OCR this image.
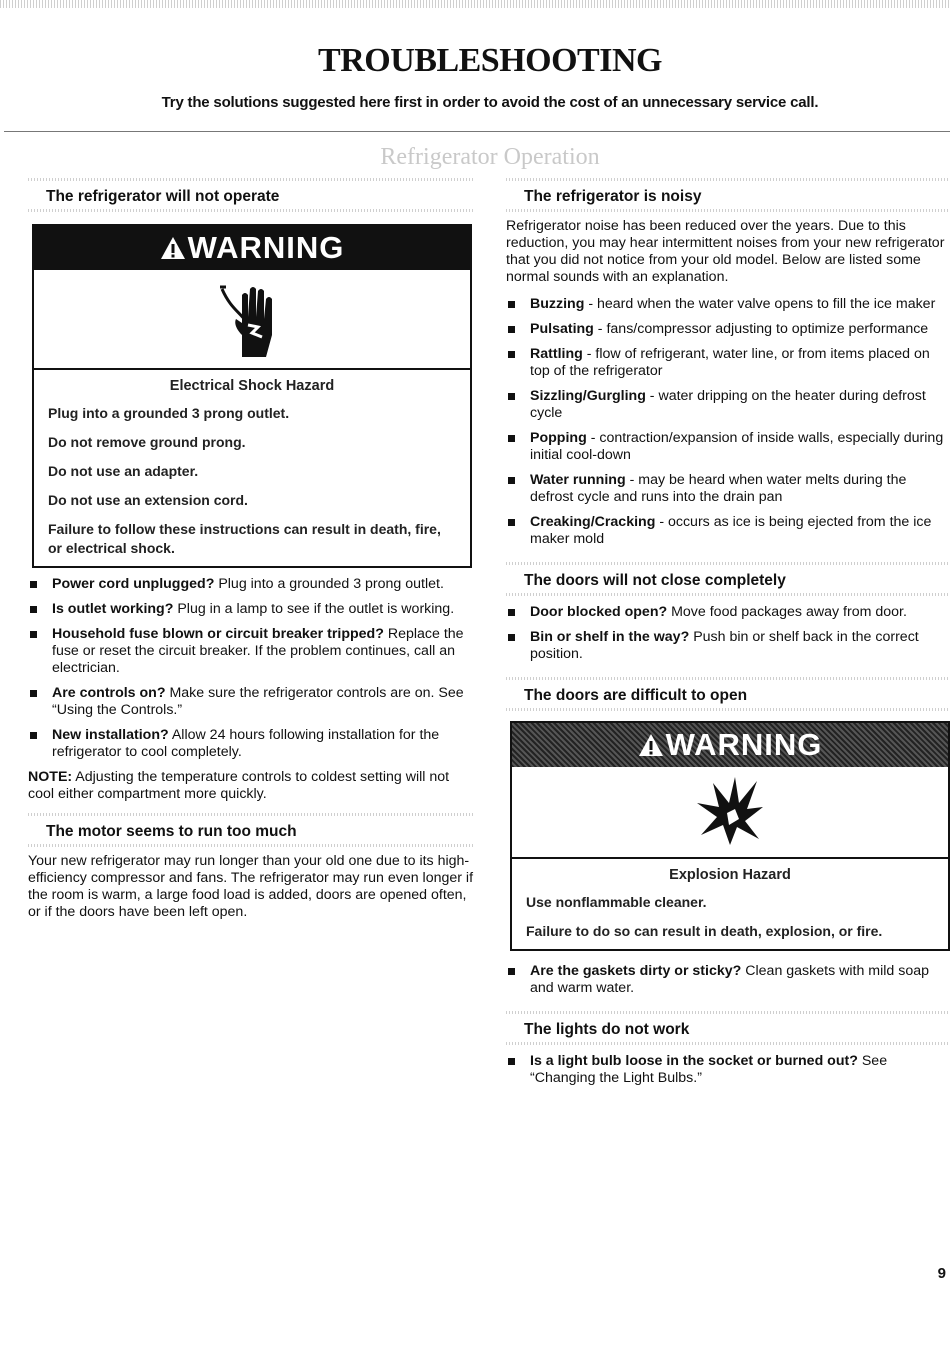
TROUBLESHOOTING
Try the solutions suggested here first in order to avoid the cost of an unnecessary service call.
Refrigerator Operation
The refrigerator will not operate
WARNING
Electrical Shock Hazard

Plug into a grounded 3 prong outlet.

Do not remove ground prong.

Do not use an adapter.

Do not use an extension cord.

Failure to follow these instructions can result in death, fire, or electrical shock.

Power cord unplugged? Plug into a grounded 3 prong outlet.
Is outlet working? Plug in a lamp to see if the outlet is working.
Household fuse blown or circuit breaker tripped? Replace the fuse or reset the circuit breaker. If the problem continues, call an electrician.
Are controls on? Make sure the refrigerator controls are on. See “Using the Controls.”
New installation? Allow 24 hours following installation for the refrigerator to cool completely.
NOTE: Adjusting the temperature controls to coldest setting will not cool either compartment more quickly.
The motor seems to run too much
Your new refrigerator may run longer than your old one due to its high-efficiency compressor and fans. The refrigerator may run even longer if the room is warm, a large food load is added, doors are opened often, or if the doors have been left open.
The refrigerator is noisy
Refrigerator noise has been reduced over the years. Due to this reduction, you may hear intermittent noises from your new refrigerator that you did not notice from your old model. Below are listed some normal sounds with an explanation.
Buzzing - heard when the water valve opens to fill the ice maker
Pulsating - fans/compressor adjusting to optimize performance
Rattling - flow of refrigerant, water line, or from items placed on top of the refrigerator
Sizzling/Gurgling - water dripping on the heater during defrost cycle
Popping - contraction/expansion of inside walls, especially during initial cool-down
Water running - may be heard when water melts during the defrost cycle and runs into the drain pan
Creaking/Cracking - occurs as ice is being ejected from the ice maker mold
The doors will not close completely
Door blocked open? Move food packages away from door.
Bin or shelf in the way? Push bin or shelf back in the correct position.
The doors are difficult to open
WARNING
Explosion Hazard

Use nonflammable cleaner.

Failure to do so can result in death, explosion, or fire.

Are the gaskets dirty or sticky? Clean gaskets with mild soap and warm water.
The lights do not work
Is a light bulb loose in the socket or burned out? See “Changing the Light Bulbs.”
9
